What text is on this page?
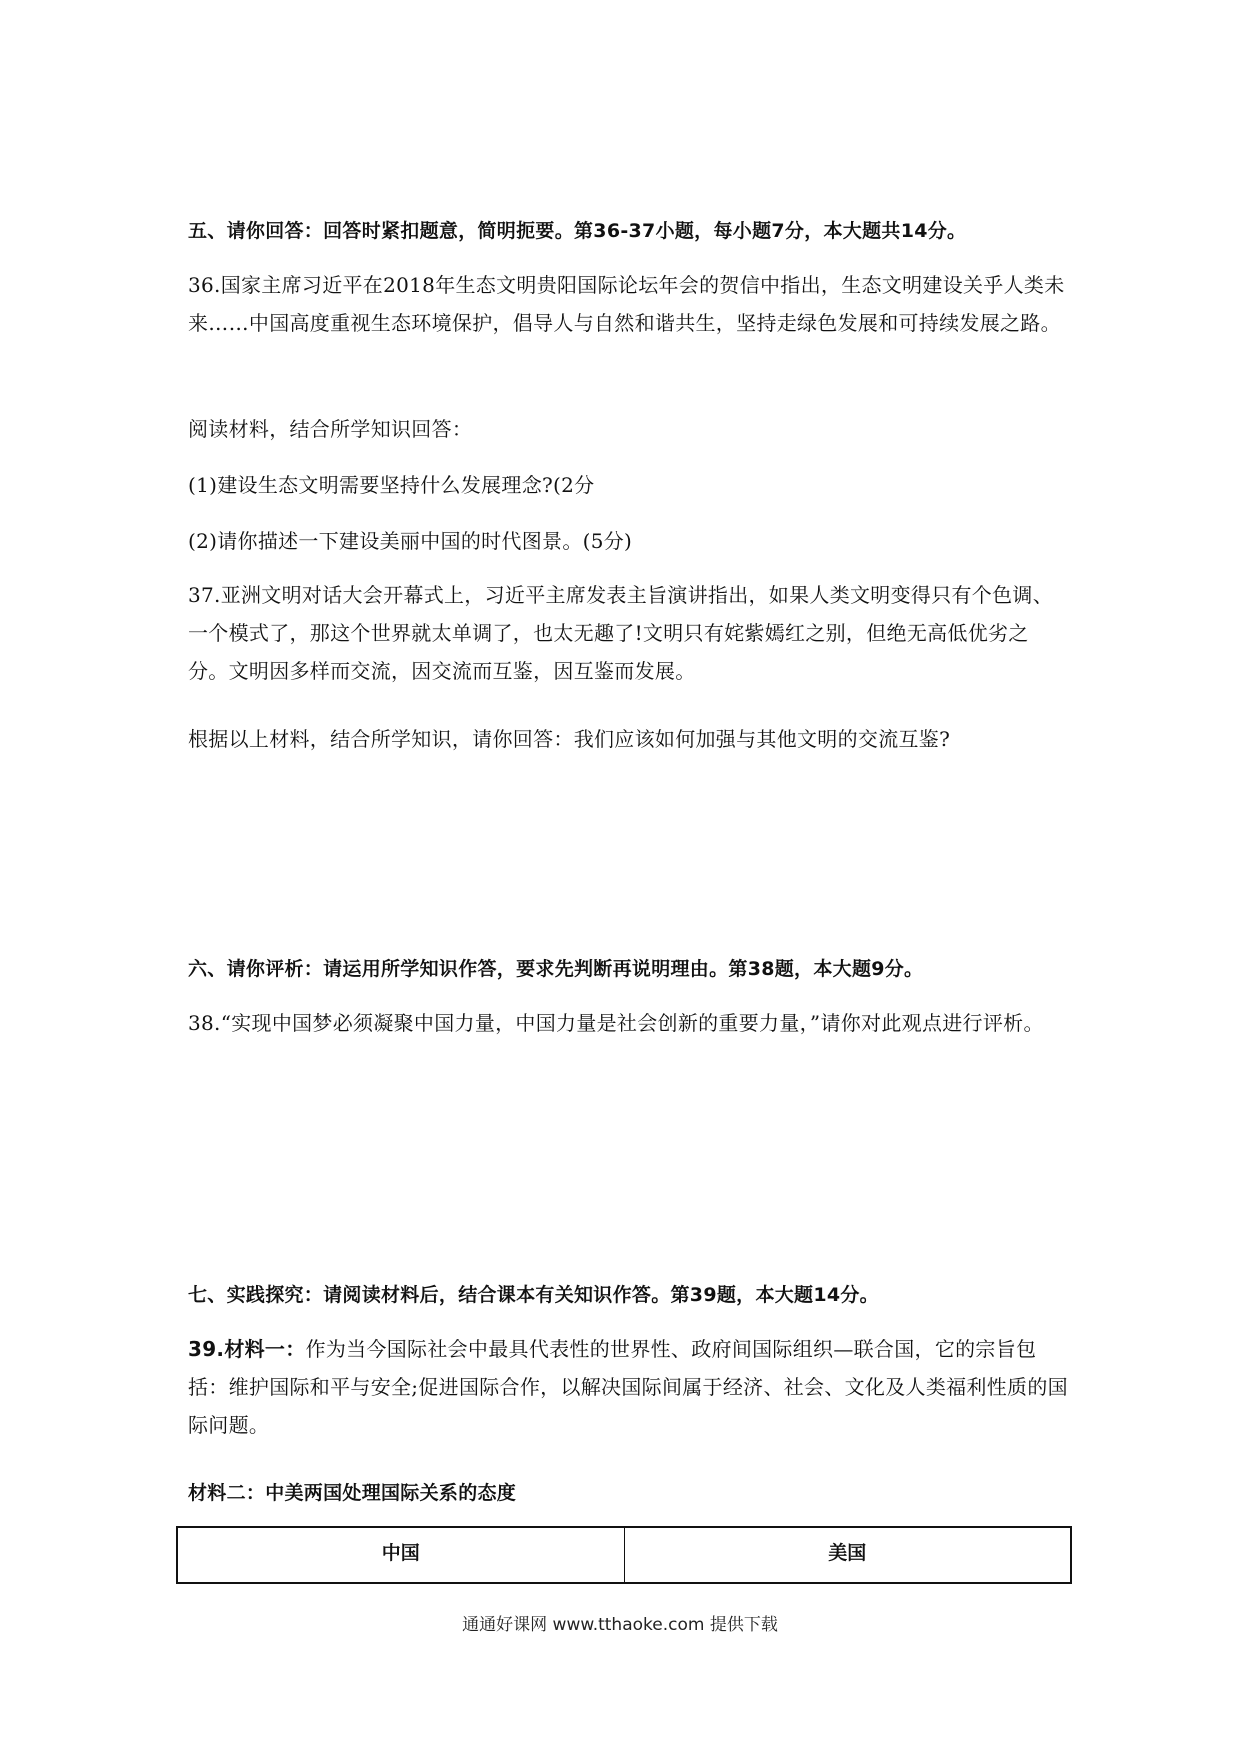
五、请你回答：回答时紧扣题意，简明扼要。第36-37小题，每小题7分，本大题共14分。
36.国家主席习近平在2018年生态文明贵阳国际论坛年会的贺信中指出，生态文明建设关乎人类未来……中国高度重视生态环境保护，倡导人与自然和谐共生，坚持走绿色发展和可持续发展之路。
阅读材料，结合所学知识回答：
(1)建设生态文明需要坚持什么发展理念?(2分
(2)请你描述一下建设美丽中国的时代图景。(5分)
37.亚洲文明对话大会开幕式上，习近平主席发表主旨演讲指出，如果人类文明变得只有个色调、一个模式了，那这个世界就太单调了，也太无趣了!文明只有姹紫嫣红之别，但绝无高低优劣之分。文明因多样而交流，因交流而互鉴，因互鉴而发展。
根据以上材料，结合所学知识，请你回答：我们应该如何加强与其他文明的交流互鉴?
六、请你评析：请运用所学知识作答，要求先判断再说明理由。第38题，本大题9分。
38.“实现中国梦必须凝聚中国力量，中国力量是社会创新的重要力量，”请你对此观点进行评析。
七、实践探究：请阅读材料后，结合课本有关知识作答。第39题，本大题14分。
39.材料一：作为当今国际社会中最具代表性的世界性、政府间国际组织—联合国，它的宗旨包括：维护国际和平与安全;促进国际合作，以解决国际间属于经济、社会、文化及人类福利性质的国际问题。
材料二：中美两国处理国际关系的态度
中国	美国
通通好课网 www.tthaoke.com 提供下载
